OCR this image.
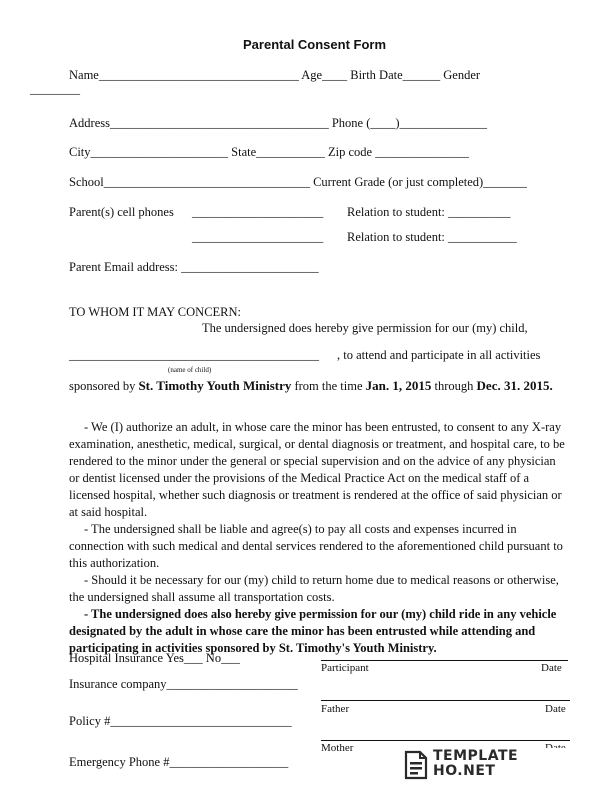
Parental Consent Form
Name________________________________ Age____ Birth Date______ Gender
________
Address___________________________________ Phone (____)______________
City______________________ State___________ Zip code _______________
School_________________________________ Current Grade (or just completed)_______
Parent(s) cell phones _____________________ Relation to student: __________
_____________________ Relation to student: ___________
Parent Email address: ______________________
TO WHOM IT MAY CONCERN:
The undersigned does hereby give permission for our (my) child,
________________________________________ , to attend and participate in all activities
(name of child)
sponsored by St. Timothy Youth Ministry from the time Jan. 1, 2015 through Dec. 31. 2015.

- We (I) authorize an adult, in whose care the minor has been entrusted, to consent to any X-ray examination, anesthetic, medical, surgical, or dental diagnosis or treatment, and hospital care, to be rendered to the minor under the general or special supervision and on the advice of any physician or dentist licensed under the provisions of the Medical Practice Act on the medical staff of a licensed hospital, whether such diagnosis or treatment is rendered at the office of said physician or at said hospital.

- The undersigned shall be liable and agree(s) to pay all costs and expenses incurred in connection with such medical and dental services rendered to the aforementioned child pursuant to this authorization.

- Should it be necessary for our (my) child to return home due to medical reasons or otherwise, the undersigned shall assume all transportation costs.

- The undersigned does also hereby give permission for our (my) child ride in any vehicle designated by the adult in whose care the minor has been entrusted while attending and participating in activities sponsored by St. Timothy's Youth Ministry.

Hospital Insurance Yes___ No___
Insurance company_____________________
Policy #_____________________________
Emergency Phone #___________________
Participant	Date
Father	Date
Mother	TEMPLATE
HO.NET
